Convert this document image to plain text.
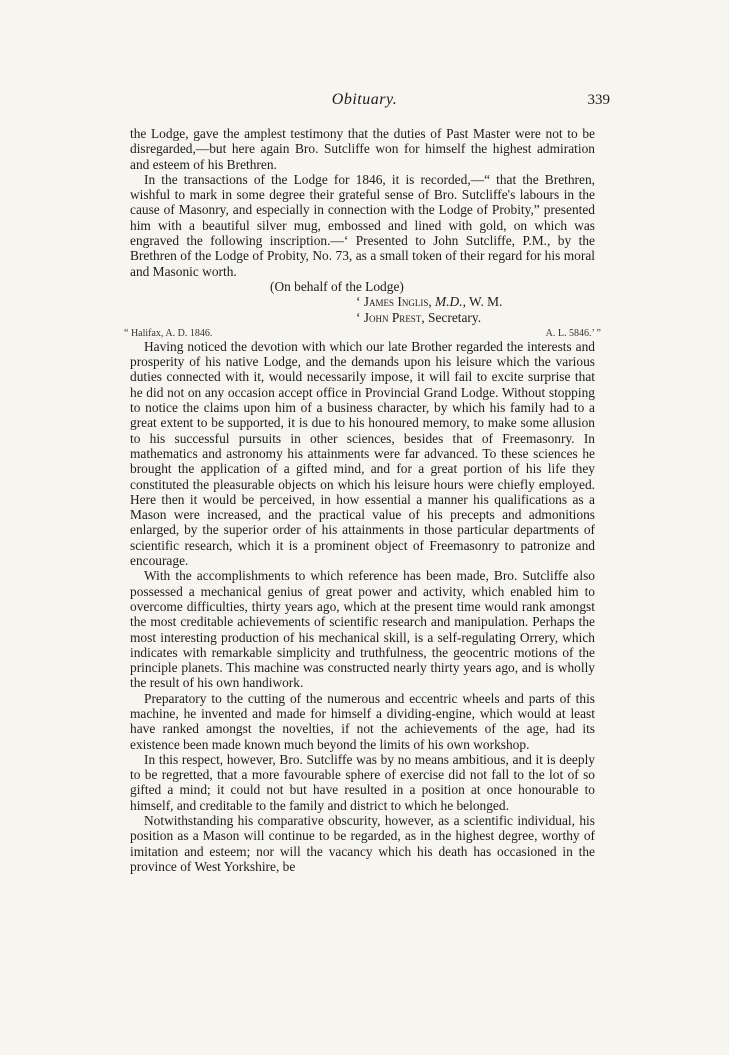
Obituary.	339

the Lodge, gave the amplest testimony that the duties of Past Master were not to be disregarded,—but here again Bro. Sutcliffe won for himself the highest admiration and esteem of his Brethren.

In the transactions of the Lodge for 1846, it is recorded,—“ that the Brethren, wishful to mark in some degree their grateful sense of Bro. Sutcliffe's labours in the cause of Masonry, and especially in connection with the Lodge of Probity,” presented him with a beautiful silver mug, embossed and lined with gold, on which was engraved the following inscription.—‘ Presented to John Sutcliffe, P.M., by the Brethren of the Lodge of Probity, No. 73, as a small token of their regard for his moral and Masonic worth.

(On behalf of the Lodge)
‘ James Inglis, M.D., W. M.
‘ John Prest, Secretary.
“ Halifax, A. D. 1846.	A. L. 5846.’ ”

Having noticed the devotion with which our late Brother regarded the interests and prosperity of his native Lodge, and the demands upon his leisure which the various duties connected with it, would necessarily impose, it will fail to excite surprise that he did not on any occasion accept office in Provincial Grand Lodge. Without stopping to notice the claims upon him of a business character, by which his family had to a great extent to be supported, it is due to his honoured memory, to make some allusion to his successful pursuits in other sciences, besides that of Freemasonry. In mathematics and astronomy his attainments were far advanced. To these sciences he brought the application of a gifted mind, and for a great portion of his life they constituted the pleasurable objects on which his leisure hours were chiefly employed. Here then it would be perceived, in how essential a manner his qualifications as a Mason were increased, and the practical value of his precepts and admonitions enlarged, by the superior order of his attainments in those particular departments of scientific research, which it is a prominent object of Freemasonry to patronize and encourage.

With the accomplishments to which reference has been made, Bro. Sutcliffe also possessed a mechanical genius of great power and activity, which enabled him to overcome difficulties, thirty years ago, which at the present time would rank amongst the most creditable achievements of scientific research and manipulation. Perhaps the most interesting production of his mechanical skill, is a self-regulating Orrery, which indicates with remarkable simplicity and truthfulness, the geocentric motions of the principle planets. This machine was constructed nearly thirty years ago, and is wholly the result of his own handiwork.

Preparatory to the cutting of the numerous and eccentric wheels and parts of this machine, he invented and made for himself a dividing-engine, which would at least have ranked amongst the novelties, if not the achievements of the age, had its existence been made known much beyond the limits of his own workshop.

In this respect, however, Bro. Sutcliffe was by no means ambitious, and it is deeply to be regretted, that a more favourable sphere of exercise did not fall to the lot of so gifted a mind; it could not but have resulted in a position at once honourable to himself, and creditable to the family and district to which he belonged.

Notwithstanding his comparative obscurity, however, as a scientific individual, his position as a Mason will continue to be regarded, as in the highest degree, worthy of imitation and esteem; nor will the vacancy which his death has occasioned in the province of West Yorkshire, be
